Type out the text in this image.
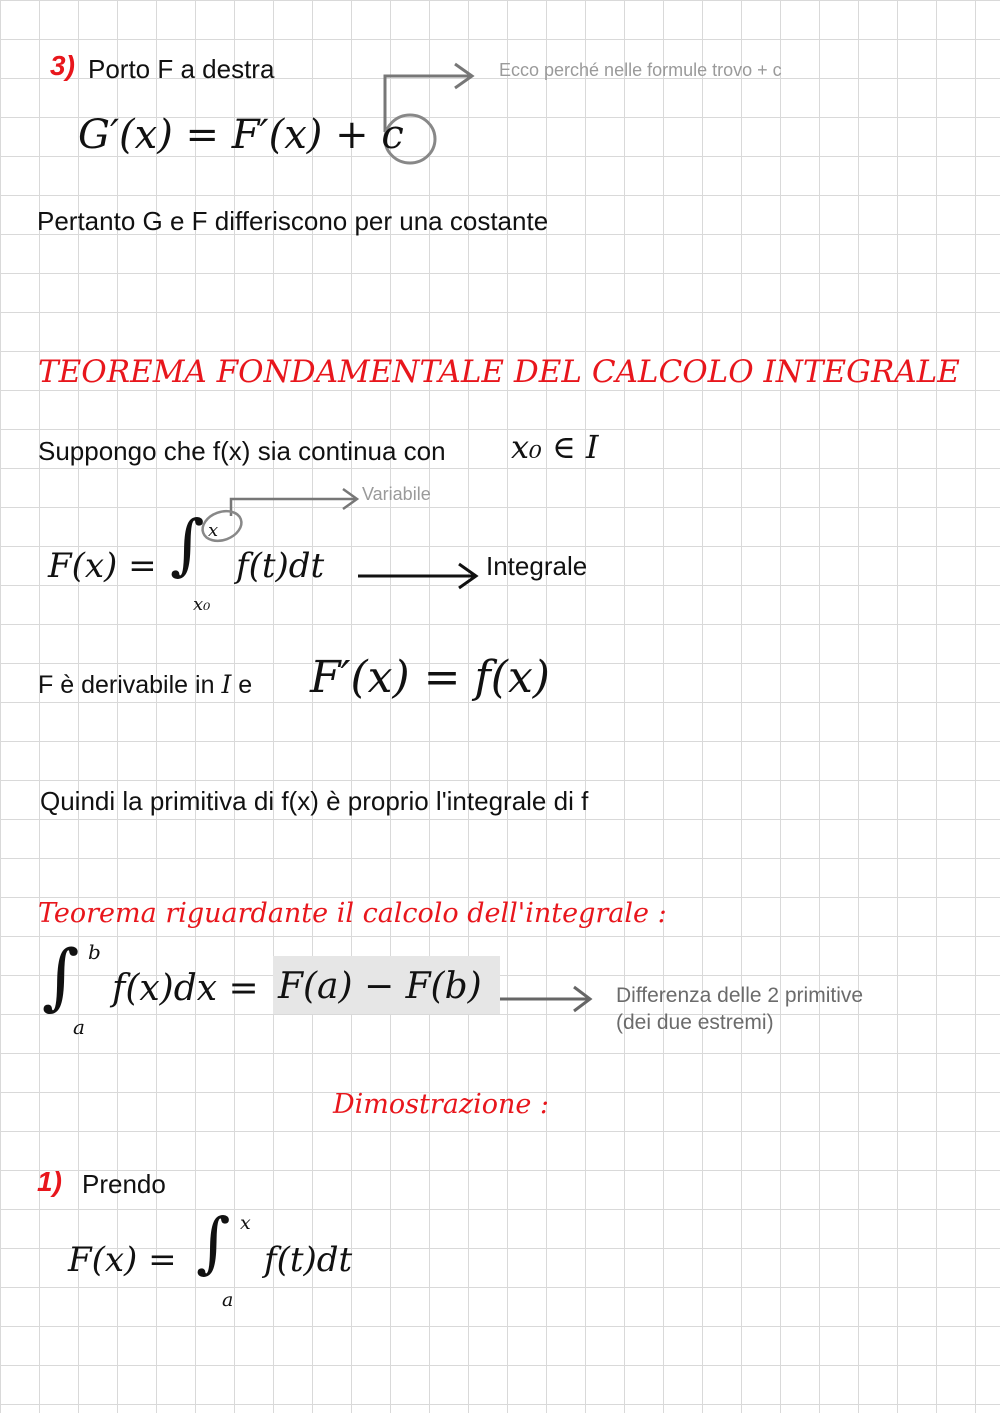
3) Porto F a destra	Ecco perché nelle formule trovo + c
G′(x) = F′(x) + c
Pertanto G e F differiscono per una costante
TEOREMA FONDAMENTALE DEL CALCOLO INTEGRALE
Suppongo che f(x) sia continua con x₀ ∈ I
Variabile
F(x) = ∫ x
x₀
f(t)dt	Integrale
F è derivabile in I e F′(x) = f(x)
Quindi la primitiva di f(x) è proprio l'integrale di f
Teorema riguardante il calcolo dell'integrale :
∫ b
a
f(x)dx = F(a) − F(b)	Differenza delle 2 primitive
(dei due estremi)
Dimostrazione :
1) Prendo
F(x) = ∫ x
a
f(t)dt
